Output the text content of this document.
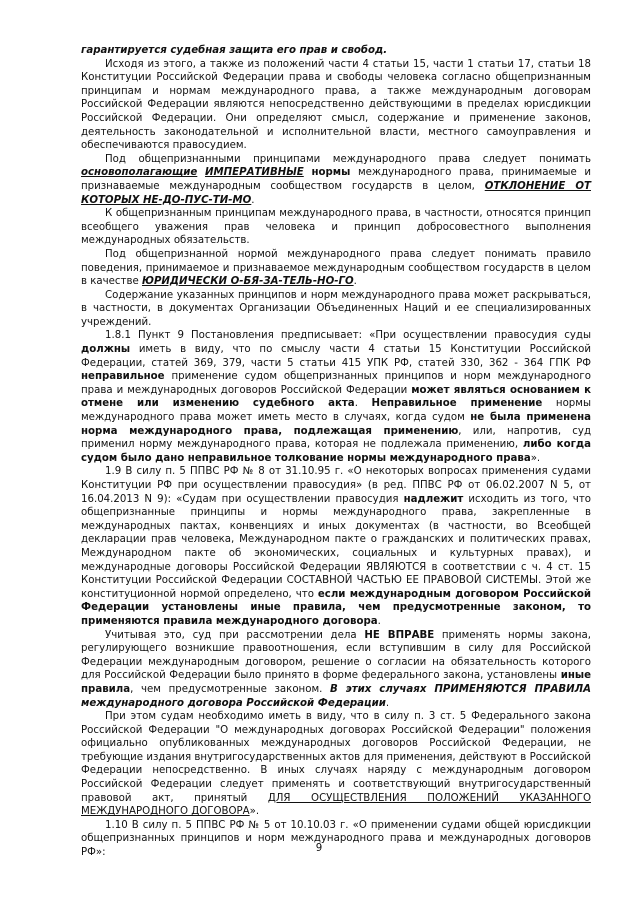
гарантируется судебная защита его прав и свобод.

Исходя из этого, а также из положений части 4 статьи 15, части 1 статьи 17, статьи 18 Конституции Российской Федерации права и свободы человека согласно общепризнанным принципам и нормам международного права, а также международным договорам Российской Федерации являются непосредственно действующими в пределах юрисдикции Российской Федерации. Они определяют смысл, содержание и применение законов, деятельность законодательной и исполнительной власти, местного самоуправления и обеспечиваются правосудием.

Под общепризнанными принципами международного права следует понимать основополагающие ИМПЕРАТИВНЫЕ нормы международного права, принимаемые и признаваемые международным сообществом государств в целом, ОТКЛОНЕНИЕ ОТ КОТОРЫХ НЕ-ДО-ПУС-ТИ-МО.

К общепризнанным принципам международного права, в частности, относятся принцип всеобщего уважения прав человека и принцип добросовестного выполнения международных обязательств.

Под общепризнанной нормой международного права следует понимать правило поведения, принимаемое и признаваемое международным сообществом государств в целом в качестве ЮРИДИЧЕСКИ О-БЯ-ЗА-ТЕЛЬ-НО-ГО.

Содержание указанных принципов и норм международного права может раскрываться, в частности, в документах Организации Объединенных Наций и ее специализированных учреждений.

1.8.1 Пункт 9 Постановления предписывает: «При осуществлении правосудия суды должны иметь в виду, что по смыслу части 4 статьи 15 Конституции Российской Федерации, статей 369, 379, части 5 статьи 415 УПК РФ, статей 330, 362 - 364 ГПК РФ неправильное применение судом общепризнанных принципов и норм международного права и международных договоров Российской Федерации может являться основанием к отмене или изменению судебного акта. Неправильное применение нормы международного права может иметь место в случаях, когда судом не была применена норма международного права, подлежащая применению, или, напротив, суд применил норму международного права, которая не подлежала применению, либо когда судом было дано неправильное толкование нормы международного права».

1.9 В силу п. 5 ППВС РФ № 8 от 31.10.95 г. «О некоторых вопросах применения судами Конституции РФ при осуществлении правосудия» (в ред. ППВС РФ от 06.02.2007 N 5, от 16.04.2013 N 9): «Судам при осуществлении правосудия надлежит исходить из того, что общепризнанные принципы и нормы международного права, закрепленные в международных пактах, конвенциях и иных документах (в частности, во Всеобщей декларации прав человека, Международном пакте о гражданских и политических правах, Международном пакте об экономических, социальных и культурных правах), и международные договоры Российской Федерации ЯВЛЯЮТСЯ в соответствии с ч. 4 ст. 15 Конституции Российской Федерации СОСТАВНОЙ ЧАСТЬЮ ЕЕ ПРАВОВОЙ СИСТЕМЫ. Этой же конституционной нормой определено, что если международным договором Российской Федерации установлены иные правила, чем предусмотренные законом, то применяются правила международного договора.

Учитывая это, суд при рассмотрении дела НЕ ВПРАВЕ применять нормы закона, регулирующего возникшие правоотношения, если вступившим в силу для Российской Федерации международным договором, решение о согласии на обязательность которого для Российской Федерации было принято в форме федерального закона, установлены иные правила, чем предусмотренные законом. В этих случаях ПРИМЕНЯЮТСЯ ПРАВИЛА международного договора Российской Федерации.

При этом судам необходимо иметь в виду, что в силу п. 3 ст. 5 Федерального закона Российской Федерации "О международных договорах Российской Федерации" положения официально опубликованных международных договоров Российской Федерации, не требующие издания внутригосударственных актов для применения, действуют в Российской Федерации непосредственно. В иных случаях наряду с международным договором Российской Федерации следует применять и соответствующий внутригосударственный правовой акт, принятый ДЛЯ ОСУЩЕСТВЛЕНИЯ ПОЛОЖЕНИЙ УКАЗАННОГО МЕЖДУНАРОДНОГО ДОГОВОРА».

1.10 В силу п. 5 ППВС РФ № 5 от 10.10.03 г. «О применении судами общей юрисдикции общепризнанных принципов и норм международного права и международных договоров РФ»:	9
